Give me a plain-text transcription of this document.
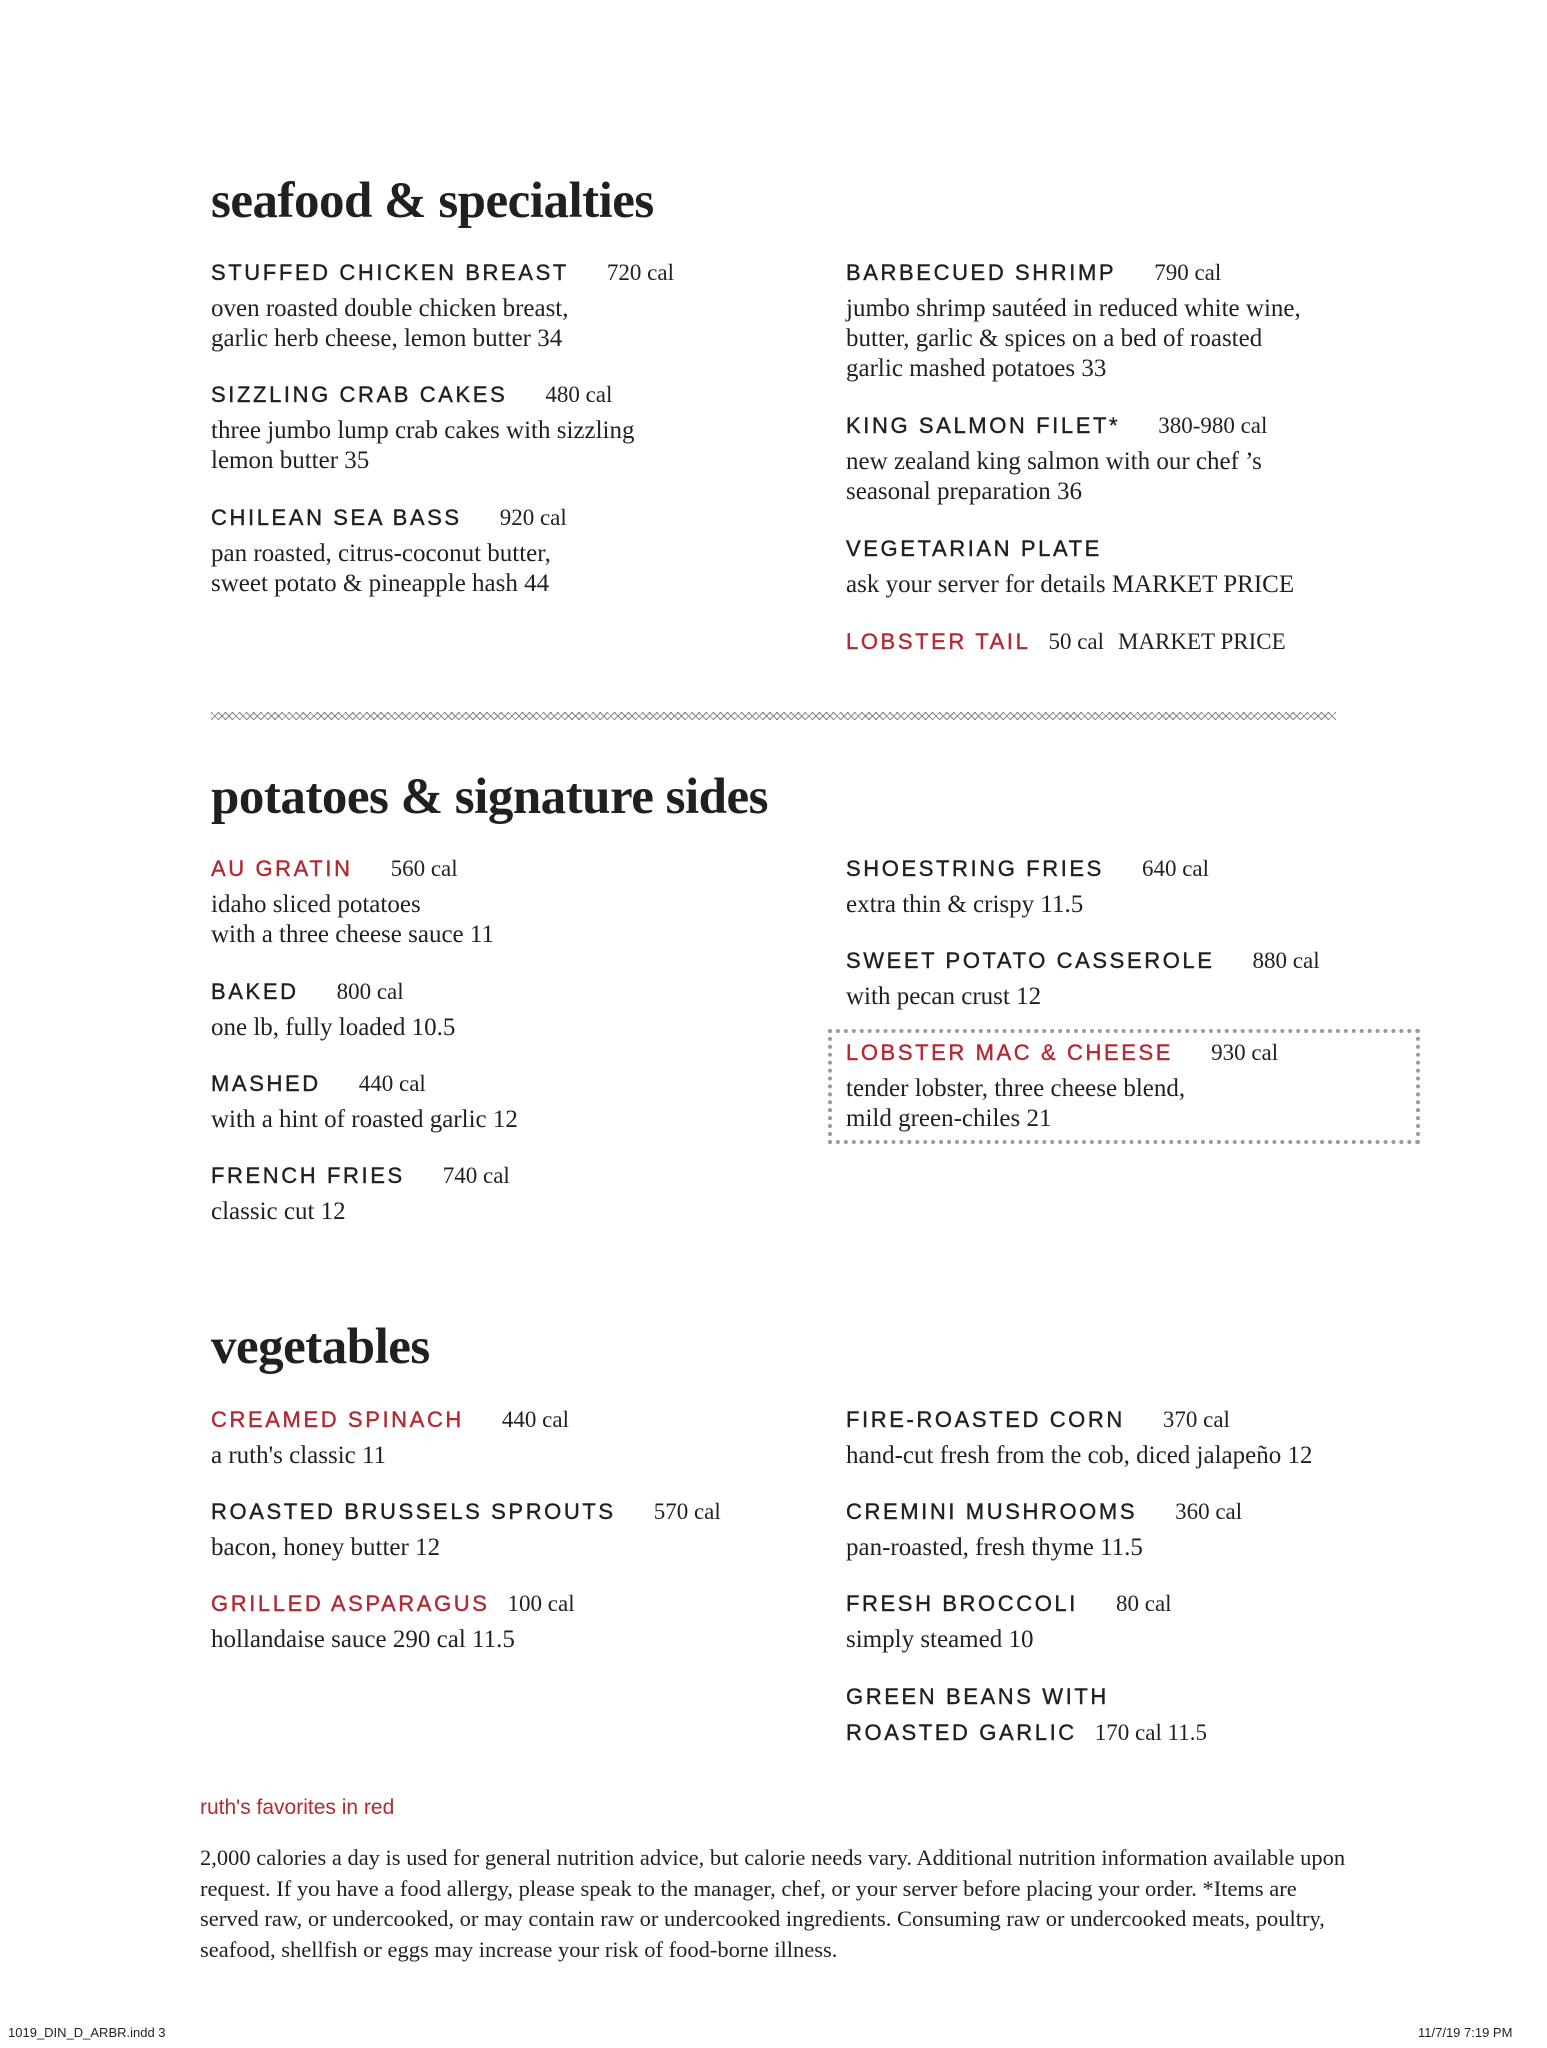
seafood & specialties
STUFFED CHICKEN BREAST 720 cal
oven roasted double chicken breast,
garlic herb cheese, lemon butter 34
SIZZLING CRAB CAKES 480 cal
three jumbo lump crab cakes with sizzling
lemon butter 35
CHILEAN SEA BASS 920 cal
pan roasted, citrus-coconut butter,
sweet potato & pineapple hash 44
BARBECUED SHRIMP 790 cal
jumbo shrimp sautéed in reduced white wine,
butter, garlic & spices on a bed of roasted
garlic mashed potatoes 33
KING SALMON FILET* 380-980 cal
new zealand king salmon with our chef ’s
seasonal preparation 36
VEGETARIAN PLATE
ask your server for details MARKET PRICE
LOBSTER TAIL 50 cal MARKET PRICE
potatoes & signature sides
AU GRATIN 560 cal
idaho sliced potatoes
with a three cheese sauce 11
BAKED 800 cal
one lb, fully loaded 10.5
MASHED 440 cal
with a hint of roasted garlic 12
FRENCH FRIES 740 cal
classic cut 12
SHOESTRING FRIES 640 cal
extra thin & crispy 11.5
SWEET POTATO CASSEROLE 880 cal
with pecan crust 12
LOBSTER MAC & CHEESE 930 cal
tender lobster, three cheese blend,
mild green-chiles 21
vegetables
CREAMED SPINACH 440 cal
a ruth's classic 11
ROASTED BRUSSELS SPROUTS 570 cal
bacon, honey butter 12
GRILLED ASPARAGUS 100 cal
hollandaise sauce 290 cal 11.5
FIRE-ROASTED CORN 370 cal
hand-cut fresh from the cob, diced jalapeño 12
CREMINI MUSHROOMS 360 cal
pan-roasted, fresh thyme 11.5
FRESH BROCCOLI 80 cal
simply steamed 10
GREEN BEANS WITH
ROASTED GARLIC 170 cal 11.5
ruth's favorites in red
2,000 calories a day is used for general nutrition advice, but calorie needs vary. Additional nutrition information available upon request. If you have a food allergy, please speak to the manager, chef, or your server before placing your order. *Items are served raw, or undercooked, or may contain raw or undercooked ingredients. Consuming raw or undercooked meats, poultry, seafood, shellfish or eggs may increase your risk of food-borne illness.
1019_DIN_D_ARBR.indd 3	11/7/19 7:19 PM
